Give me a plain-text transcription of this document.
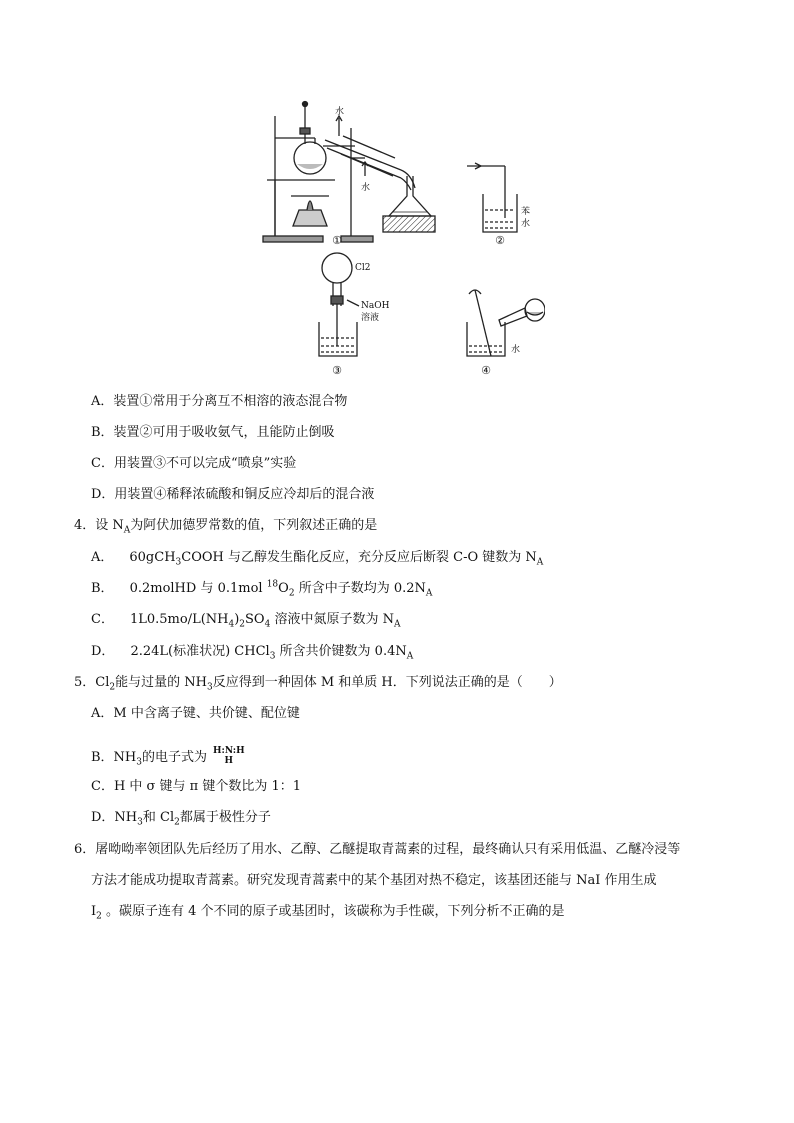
水
水
苯
水
Cl2
NaOH
溶液
水
①	②
③	④
A．装置①常用于分离互不相溶的液态混合物
B．装置②可用于吸收氨气，且能防止倒吸
C．用装置③不可以完成“喷泉”实验
D．用装置④稀释浓硫酸和铜反应冷却后的混合液
4．设 $N_A$为阿伏加德罗常数的值，下列叙述正确的是
A． 60gCH$_3$COOH 与乙醇发生酯化反应，充分反应后断裂 C-O 键数为 $N_A$
B． 0.2molHD 与 0.1mol $^{18}O_2$ 所含中子数均为 $0.2N_A$
C． $1L0.5mo/L(NH_4)_2SO_4$ 溶液中氮原子数为 $N_A$
D． 2.24L(标准状况) CHCl$_3$ 所含共价键数为 $0.4N_A$
5．$Cl_2$能与过量的 $NH_3$反应得到一种固体 M 和单质 H．下列说法正确的是（　　）
A．M 中含离子键、共价键、配位键
B．$NH_3$的电子式为 H:N:H
H
C．H 中 σ 键与 π 键个数比为 1：1
D．$NH_3$和 $Cl_2$都属于极性分子
6．屠呦呦率领团队先后经历了用水、乙醇、乙醚提取青蒿素的过程，最终确认只有采用低温、乙醚冷浸等
方法才能成功提取青蒿素。研究发现青蒿素中的某个基团对热不稳定，该基团还能与 NaI 作用生成
$I_2$ 。碳原子连有 4 个不同的原子或基团时，该碳称为手性碳，下列分析不正确的是
